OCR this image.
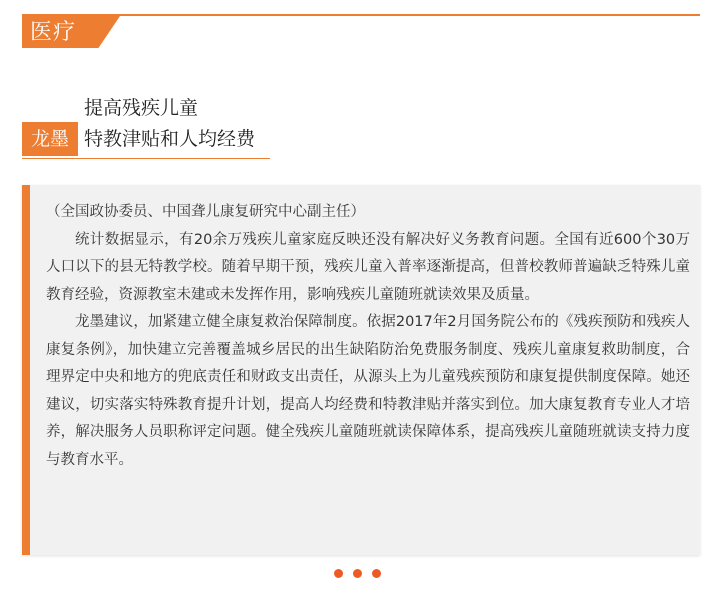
医疗
提高残疾儿童
龙墨 特教津贴和人均经费

（全国政协委员、中国聋儿康复研究中心副主任）

统计数据显示，有20余万残疾儿童家庭反映还没有解决好义务教育问题。全国有近600个30万人口以下的县无特教学校。随着早期干预，残疾儿童入普率逐渐提高，但普校教师普遍缺乏特殊儿童教育经验，资源教室未建或未发挥作用，影响残疾儿童随班就读效果及质量。

龙墨建议，加紧建立健全康复救治保障制度。依据2017年2月国务院公布的《残疾预防和残疾人康复条例》，加快建立完善覆盖城乡居民的出生缺陷防治免费服务制度、残疾儿童康复救助制度，合理界定中央和地方的兜底责任和财政支出责任，从源头上为儿童残疾预防和康复提供制度保障。她还建议，切实落实特殊教育提升计划，提高人均经费和特教津贴并落实到位。加大康复教育专业人才培养，解决服务人员职称评定问题。健全残疾儿童随班就读保障体系，提高残疾儿童随班就读支持力度与教育水平。
